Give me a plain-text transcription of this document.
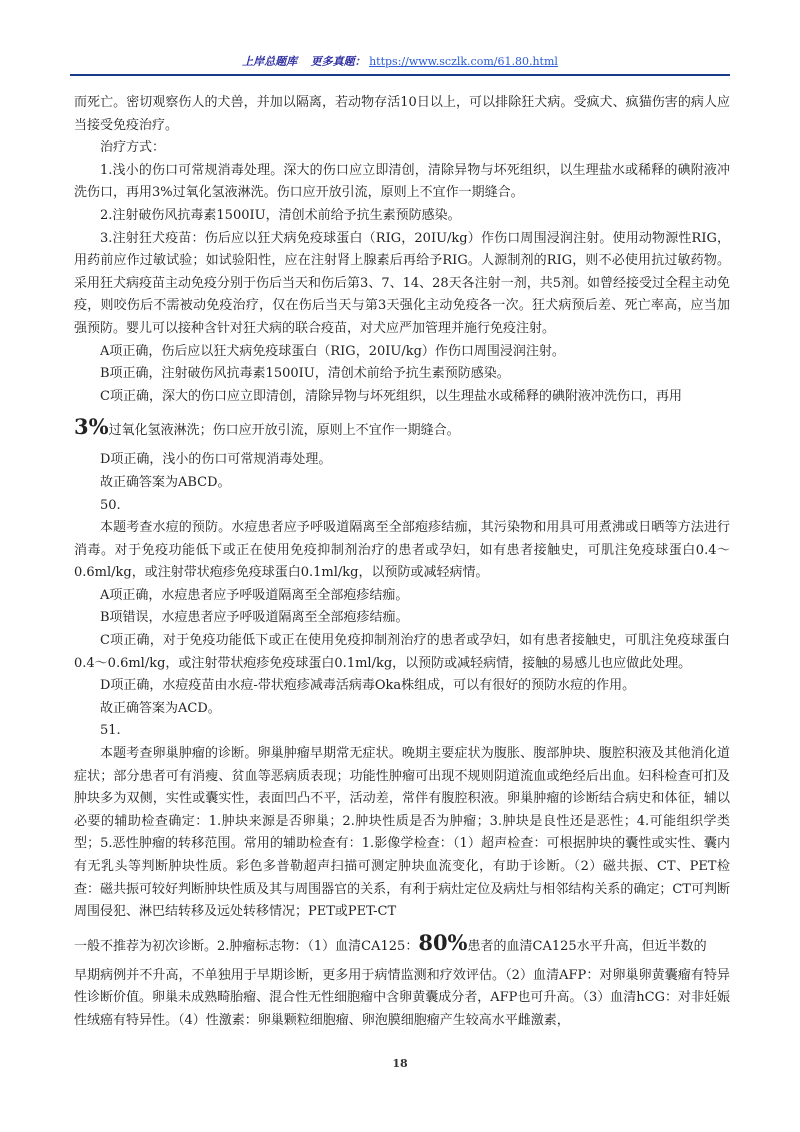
上岸总题库 更多真题： https://www.sczlk.com/61.80.html

而死亡。密切观察伤人的犬兽，并加以隔离，若动物存活10日以上，可以排除狂犬病。受疯犬、疯猫伤害的病人应当接受免疫治疗。

治疗方式：

1.浅小的伤口可常规消毒处理。深大的伤口应立即清创，清除异物与坏死组织，以生理盐水或稀释的碘附液冲洗伤口，再用3%过氧化氢液淋洗。伤口应开放引流，原则上不宜作一期缝合。

2.注射破伤风抗毒素1500IU，清创术前给予抗生素预防感染。

3.注射狂犬疫苗：伤后应以狂犬病免疫球蛋白（RIG，20IU/kg）作伤口周围浸润注射。使用动物源性RIG，用药前应作过敏试验；如试验阳性，应在注射肾上腺素后再给予RIG。人源制剂的RIG，则不必使用抗过敏药物。采用狂犬病疫苗主动免疫分别于伤后当天和伤后第3、7、14、28天各注射一剂，共5剂。如曾经接受过全程主动免疫，则咬伤后不需被动免疫治疗，仅在伤后当天与第3天强化主动免疫各一次。狂犬病预后差、死亡率高，应当加强预防。婴儿可以接种含针对狂犬病的联合疫苗，对犬应严加管理并施行免疫注射。

A项正确，伤后应以狂犬病免疫球蛋白（RIG，20IU/kg）作伤口周围浸润注射。

B项正确，注射破伤风抗毒素1500IU，清创术前给予抗生素预防感染。

C项正确，深大的伤口应立即清创，清除异物与坏死组织，以生理盐水或稀释的碘附液冲洗伤口，再用

3%过氧化氢液淋洗；伤口应开放引流，原则上不宜作一期缝合。

D项正确，浅小的伤口可常规消毒处理。

故正确答案为ABCD。

50.

本题考查水痘的预防。水痘患者应予呼吸道隔离至全部疱疹结痂，其污染物和用具可用煮沸或日晒等方法进行消毒。对于免疫功能低下或正在使用免疫抑制剂治疗的患者或孕妇，如有患者接触史，可肌注免疫球蛋白0.4～0.6ml/kg，或注射带状疱疹免疫球蛋白0.1ml/kg，以预防或减轻病情。

A项正确，水痘患者应予呼吸道隔离至全部疱疹结痂。

B项错误，水痘患者应予呼吸道隔离至全部疱疹结痂。

C项正确，对于免疫功能低下或正在使用免疫抑制剂治疗的患者或孕妇，如有患者接触史，可肌注免疫球蛋白0.4～0.6ml/kg，或注射带状疱疹免疫球蛋白0.1ml/kg，以预防或减轻病情，接触的易感儿也应做此处理。

D项正确，水痘疫苗由水痘-带状疱疹减毒活病毒Oka株组成，可以有很好的预防水痘的作用。

故正确答案为ACD。

51.

本题考查卵巢肿瘤的诊断。卵巢肿瘤早期常无症状。晚期主要症状为腹胀、腹部肿块、腹腔积液及其他消化道症状；部分患者可有消瘦、贫血等恶病质表现；功能性肿瘤可出现不规则阴道流血或绝经后出血。妇科检查可扪及肿块多为双侧，实性或囊实性，表面凹凸不平，活动差，常伴有腹腔积液。卵巢肿瘤的诊断结合病史和体征，辅以必要的辅助检查确定：1.肿块来源是否卵巢；2.肿块性质是否为肿瘤；3.肿块是良性还是恶性；4.可能组织学类型；5.恶性肿瘤的转移范围。常用的辅助检查有：1.影像学检查：（1）超声检查：可根据肿块的囊性或实性、囊内有无乳头等判断肿块性质。彩色多普勒超声扫描可测定肿块血流变化，有助于诊断。（2）磁共振、CT、PET检查：磁共振可较好判断肿块性质及其与周围器官的关系，有利于病灶定位及病灶与相邻结构关系的确定；CT可判断周围侵犯、淋巴结转移及远处转移情况；PET或PET-CT

一般不推荐为初次诊断。2.肿瘤标志物：（1）血清CA125：80%患者的血清CA125水平升高，但近半数的

早期病例并不升高，不单独用于早期诊断，更多用于病情监测和疗效评估。（2）血清AFP：对卵巢卵黄囊瘤有特异性诊断价值。卵巢未成熟畸胎瘤、混合性无性细胞瘤中含卵黄囊成分者，AFP也可升高。（3）血清hCG：对非妊娠性绒癌有特异性。（4）性激素：卵巢颗粒细胞瘤、卵泡膜细胞瘤产生较高水平雌激素，

18
